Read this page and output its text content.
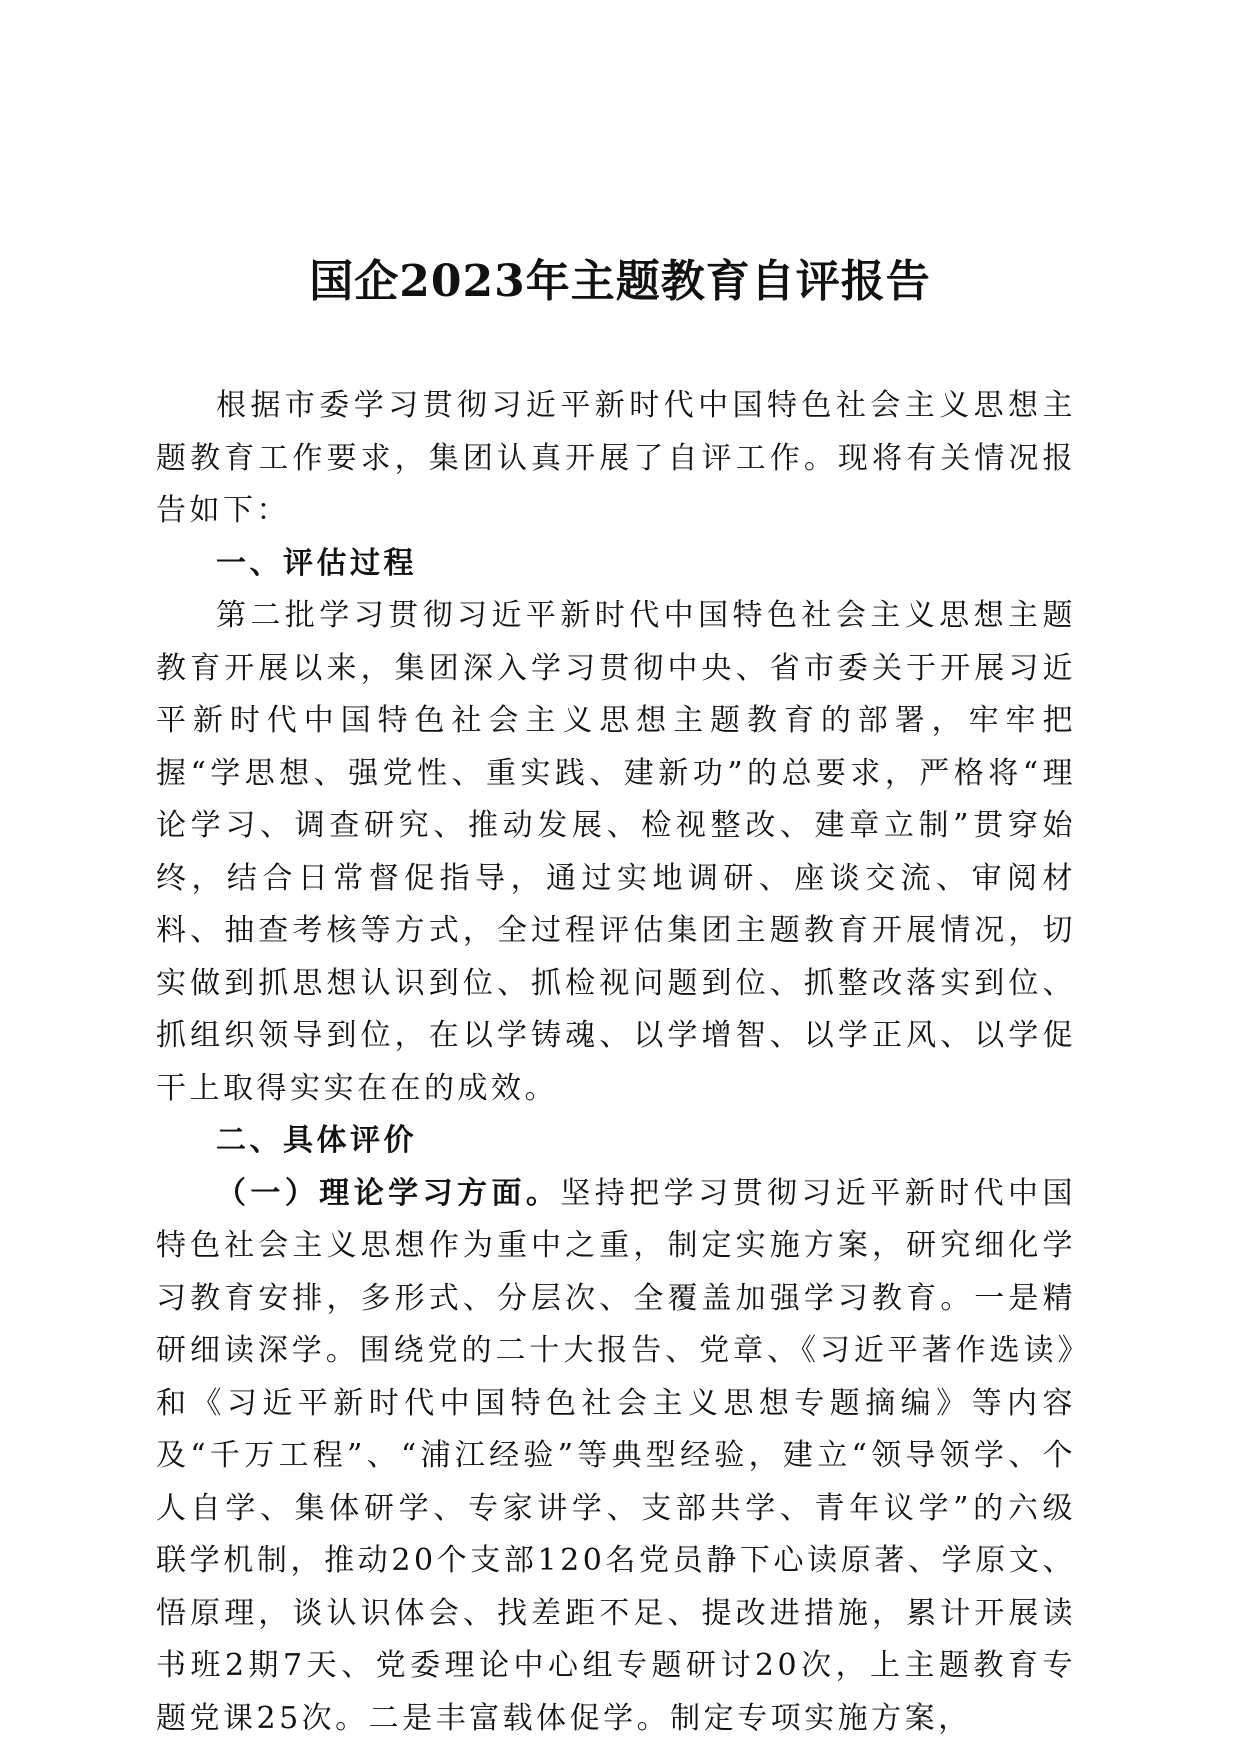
国企2023年主题教育自评报告

根据市委学习贯彻习近平新时代中国特色社会主义思想主题教育工作要求，集团认真开展了自评工作。现将有关情况报告如下：

一、评估过程

第二批学习贯彻习近平新时代中国特色社会主义思想主题教育开展以来，集团深入学习贯彻中央、省市委关于开展习近平新时代中国特色社会主义思想主题教育的部署，牢牢把握“学思想、强党性、重实践、建新功”的总要求，严格将“理论学习、调查研究、推动发展、检视整改、建章立制”贯穿始终，结合日常督促指导，通过实地调研、座谈交流、审阅材料、抽查考核等方式，全过程评估集团主题教育开展情况，切实做到抓思想认识到位、抓检视问题到位、抓整改落实到位、抓组织领导到位，在以学铸魂、以学增智、以学正风、以学促干上取得实实在在的成效。

二、具体评价

（一）理论学习方面。坚持把学习贯彻习近平新时代中国特色社会主义思想作为重中之重，制定实施方案，研究细化学习教育安排，多形式、分层次、全覆盖加强学习教育。一是精研细读深学。围绕党的二十大报告、党章、《习近平著作选读》和《习近平新时代中国特色社会主义思想专题摘编》等内容及“千万工程”、“浦江经验”等典型经验，建立“领导领学、个人自学、集体研学、专家讲学、支部共学、青年议学”的六级联学机制，推动20个支部120名党员静下心读原著、学原文、悟原理，谈认识体会、找差距不足、提改进措施，累计开展读书班2期7天、党委理论中心组专题研讨20次，上主题教育专题党课25次。二是丰富载体促学。制定专项实施方案，
